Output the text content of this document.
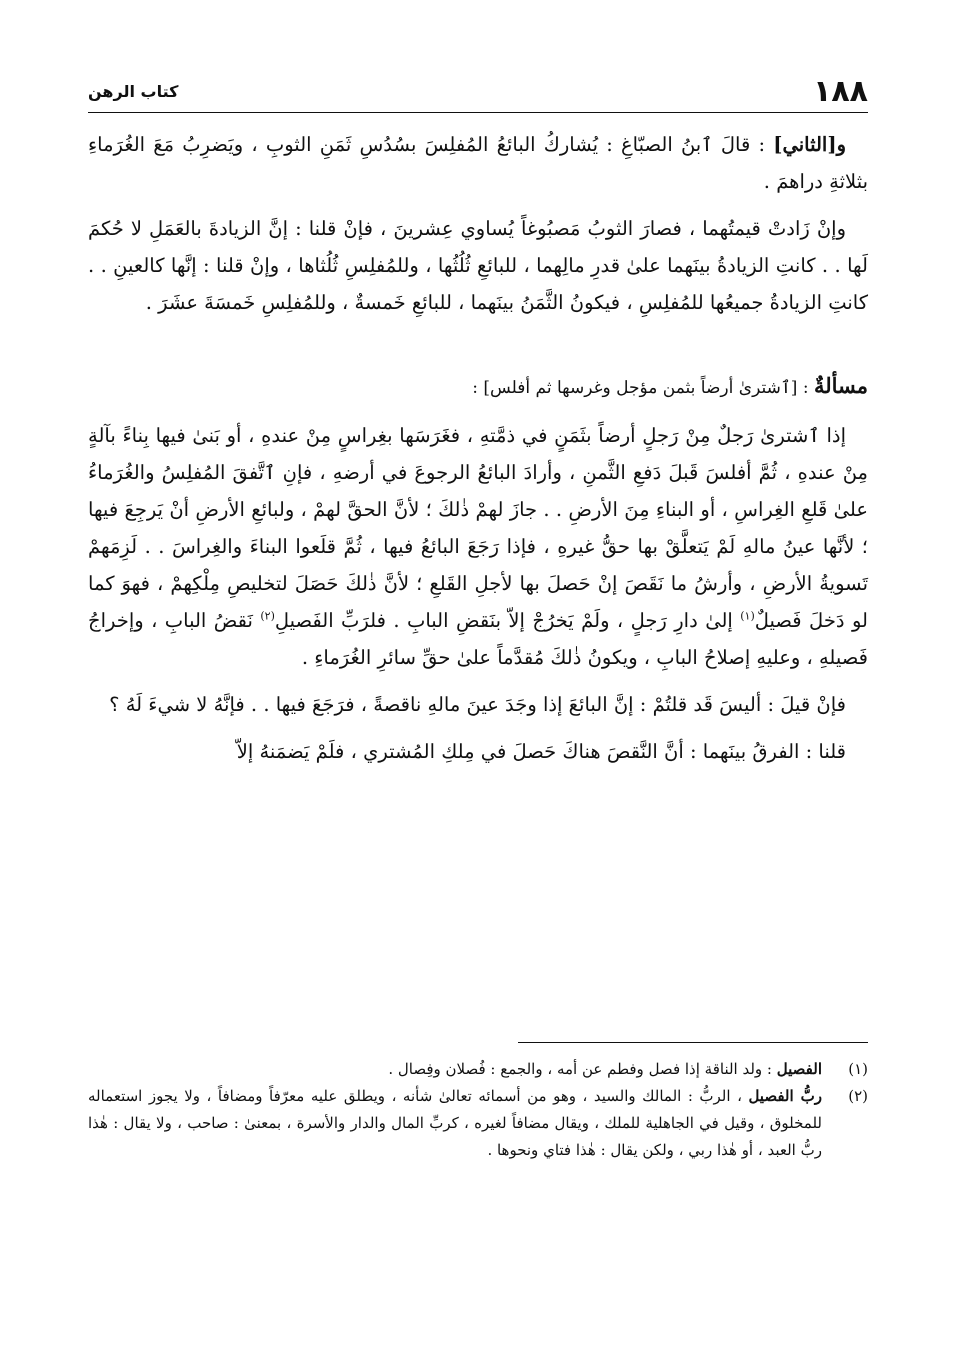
١٨٨
كتاب الرهن

و[الثاني] : قالَ ٱبنُ الصبّاغِ : يُشاركُ البائعُ المُفلِسَ بسُدُسِ ثَمَنِ الثوبِ ، ويَضرِبُ مَعَ الغُرَماءِ بثلاثةِ دراهمَ .

وإنْ زَادتْ قيمتُهما ، فصارَ الثوبُ مَصبُوغاً يُساوي عِشرينَ ، فإنْ قلنا : إنَّ الزيادةَ بالعَمَلِ لا حُكمَ لَها . . كانتِ الزيادةُ بينَهما علىٰ قدرِ مالِهما ، للبائعِ ثُلُثُها ، وللمُفلِسِ ثُلُثاها ، وإنْ قلنا : إنَّها كالعينِ . . كانتِ الزيادةُ جميعُها للمُفلِسِ ، فيكونُ الثَّمَنُ بينَهما ، للبائعِ خَمسةٌ ، وللمُفلِسِ خَمسَةَ عشَرَ .

مسألةٌ : [ٱشترىٰ أرضاً بثمن مؤجل وغرسها ثم أفلس] :

إذا ٱشترىٰ رَجلٌ مِنْ رَجلٍ أرضاً بثَمَنٍ في ذمَّتهِ ، فغَرَسَها بغِراسٍ مِنْ عندهِ ، أو بَنىٰ فيها بِناءً بآلةٍ مِنْ عندهِ ، ثُمَّ أفلسَ قَبلَ دَفعِ الثَّمنِ ، وأرادَ البائعُ الرجوعَ في أرضهِ ، فإنِ ٱتَّفقَ المُفلِسُ والغُرَماءُ علىٰ قَلعِ الغِراسِ ، أو البناءِ مِنَ الأرضِ . . جازَ لهمْ ذٰلكَ ؛ لأنَّ الحقَّ لهمْ ، ولبائعِ الأرضِ أنْ يَرجِعَ فيها ؛ لأنَّها عينُ مالهِ لَمْ يَتعلَّقْ بها حقُّ غيرهِ ، فإذا رَجَعَ البائعُ فيها ، ثُمَّ قلَعوا البناءَ والغِراسَ . . لَزِمَهمْ تَسويةُ الأرضِ ، وأرشُ ما نَقَصَ إنْ حَصلَ بها لأجلِ القَلعِ ؛ لأنَّ ذٰلكَ حَصَلَ لتخليصِ مِلْكِهمْ ، فهوَ كما لو دَخلَ فَصيلٌ$^{(١)}$ إلىٰ دارِ رَجلٍ ، ولَمْ يَخرُجْ إلاّ بنَقضِ البابِ . فلرَبِّ الفَصيلِ$^{(٢)}$ نَقضُ البابِ ، وإخراجُ فَصيلهِ ، وعليهِ إصلاحُ البابِ ، ويكونُ ذٰلكَ مُقدَّماً علىٰ حقِّ سائرِ الغُرَماءِ .

فإنْ قيلَ : أليسَ قَد قلتُمْ : إنَّ البائعَ إذا وجَدَ عينَ مالهِ ناقصةً ، فرَجَعَ فيها . . فإنَّهُ لا شيءَ لَهُ ؟

قلنا : الفرقُ بينَهما : أنَّ النَّقصَ هناكَ حَصلَ في مِلكِ المُشتري ، فلَمْ يَضمَنهُ إلاّ

(١)
الفصيل : ولد الناقة إذا فصل وفطم عن أمه ، والجمع : فُصلان وفِصال .
(٢)
ربُّ الفصيل ، الربُّ : المالك والسيد ، وهو من أسمائه تعالىٰ شأنه ، ويطلق عليه معرّفاً ومضافاً ، ولا يجوز استعماله للمخلوق ، وقيل في الجاهلية للملك ، ويقال مضافاً لغيره ، كربِّ المال والدار والأسرة ، بمعنىٰ : صاحب ، ولا يقال : هٰذا ربُّ العبد ، أو هٰذا ربي ، ولكن يقال : هٰذا فتاي ونحوها .
